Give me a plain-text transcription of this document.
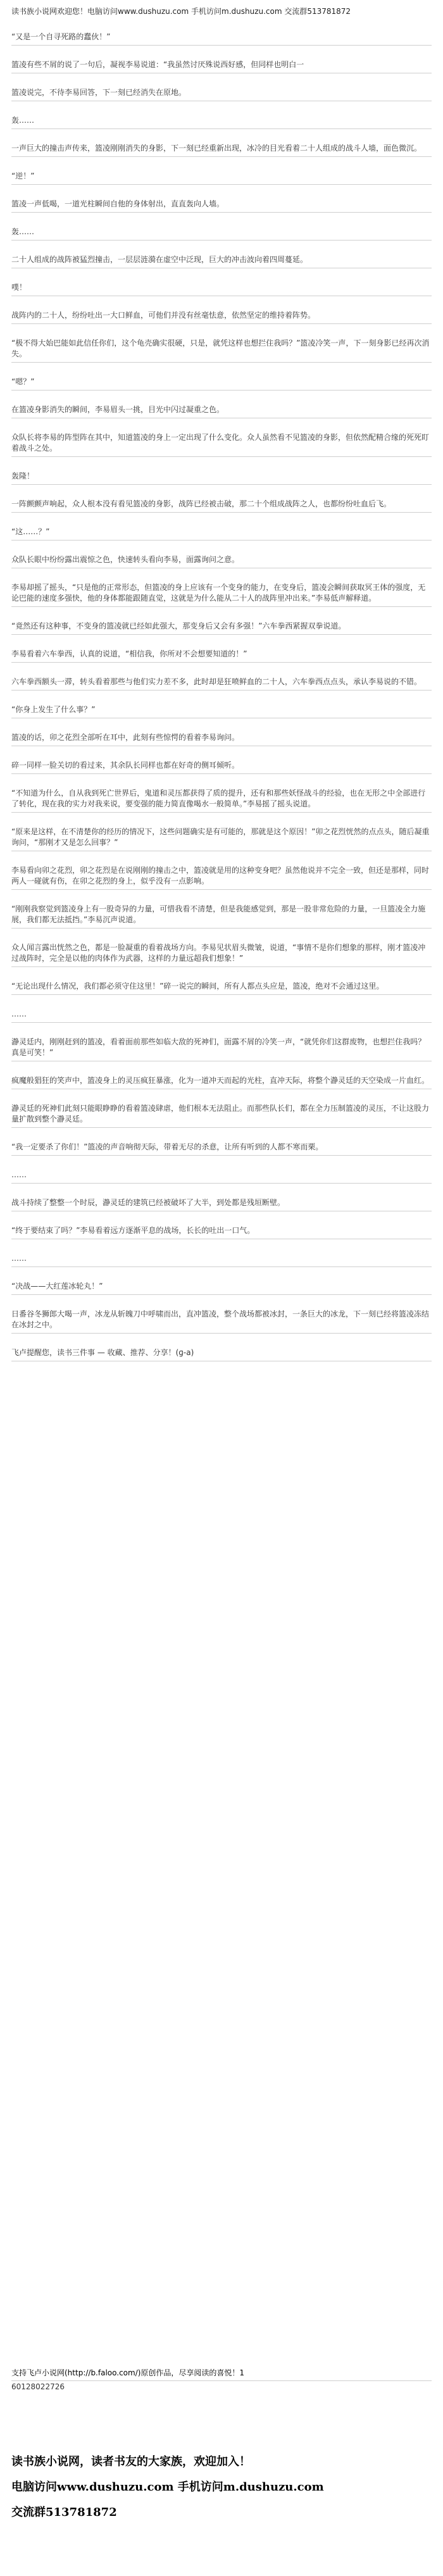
读书族小说网欢迎您！电脑访问www.dushuzu.com 手机访问m.dushuzu.com 交流群513781872

“又是一个自寻死路的蠢伙！”

篮凌有些不屑的说了一句后，凝视李易说道：“我虽然讨厌殊说西好感，但同样也明白一

篮凌说完，不待李易回答，下一刻已经消失在原地。

轰……

一声巨大的撞击声传来，篮凌刚刚消失的身影，下一刻已经重新出现，冰冷的目光看着二十人组成的战斗人墙，面色微沉。

“逆！”

篮凌一声低喝，一道光柱瞬间自他的身体射出，直直轰向人墙。

轰……

二十人组成的战阵被猛烈撞击，一层层涟漪在虚空中泛现，巨大的冲击波向着四周蔓延。

噗！

战阵内的二十人，纷纷吐出一大口鲜血，可他们并没有丝毫怯意，依然坚定的维持着阵势。

“极不得大始巴能如此信任你们，这个龟壳确实很硬，只是，就凭这样也想拦住我吗？”篮凌冷笑一声，下一刻身影已经再次消失。

“嗯？”

在篮凌身影消失的瞬间，李易眉头一挑，目光中闪过凝重之色。

众队长将李易的阵型阵在其中，知道篮凌的身上一定出现了什么变化。众人虽然看不见篮凌的身影，但依然配精合缘的死死盯着战斗之处。

轰隆！

一阵颤颤声响起，众人根本没有看见篮凌的身影，战阵已经被击破，那二十个组成战阵之人，也都纷纷吐血后飞。

“这……？”

众队长眼中纷纷露出震惊之色，快速转头看向李易，面露询问之意。

李易却摇了摇头，“只是他的正常形态，但篮凌的身上应该有一个变身的能力，在变身后，篮凌会瞬间获取冥王体的强度，无论巴能的速度多强快，他的身体都能跟随直觉，这就是为什么能从二十人的战阵里冲出来。”李易低声解释道。

“竟然还有这种事，不变身的篮凌就已经如此强大，那变身后又会有多强！”六车拳西紧握双拳说道。

李易看着六车拳西，认真的说道，“相信我，你所对不会想要知道的！”

六车拳西额头一滞，转头看着那些与他们实力差不多，此时却是狂喷鲜血的二十人，六车拳西点点头，承认李易说的不错。

“你身上发生了什么事？”

篮凌的话，卯之花烈全部听在耳中，此刻有些惊愕的看着李易询问。

碎一同样一脸关切的看过来，其余队长同样也都在好奇的侧耳倾听。

“不知道为什么，自从我到死亡世界后，鬼道和灵压都获得了质的提升，还有和那些妖怪战斗的经验，也在无形之中全部进行了转化，现在我的实力对我来说，要变强的能力简直像喝水一般简单。”李易摇了摇头说道。

“原来是这样，在不清楚你的经历的情况下，这些问题确实是有可能的，那就是这个原因！”卯之花烈恍然的点点头，随后凝重询问，“那刚才又是怎么回事？”

李易看向卯之花烈，卯之花烈是在说刚刚的撞击之中，篮凌就是用的这种变身吧？虽然他说并不完全一致，但还是那样，同时两人一碰就有伤，在卯之花烈的身上，似乎没有一点影响。

“刚刚我察觉到篮凌身上有一股奇异的力量，可惜我看不清楚，但是我能感觉到，那是一股非常危险的力量，一旦篮凌全力施展，我们都无法抵挡。”李易沉声说道。

众人闻言露出恍然之色，都是一脸凝重的看着战场方向。李易见状眉头微皱，说道，“事情不是你们想象的那样，刚才篮凌冲过战阵时，完全是以他的肉体作为武器，这样的力量远超我们想象！”

“无论出现什么情况，我们都必须守住这里！”碎一说完的瞬间，所有人都点头应是，篮凌，绝对不会通过这里。

……

瀞灵廷内，刚刚赶到的篮凌，看着面前那些如临大敌的死神们，面露不屑的冷笑一声，“就凭你们这群废物，也想拦住我吗？真是可笑！”

疯魔般猖狂的笑声中，篮凌身上的灵压疯狂暴涨，化为一道冲天而起的光柱，直冲天际，将整个瀞灵廷的天空染成一片血红。

瀞灵廷的死神们此刻只能眼睁睁的看着篮凌肆虐，他们根本无法阻止。而那些队长们，都在全力压制篮凌的灵压，不让这股力量扩散到整个瀞灵廷。

“我一定要杀了你们！”篮凌的声音响彻天际，带着无尽的杀意，让所有听到的人都不寒而栗。

……

战斗持续了整整一个时辰，瀞灵廷的建筑已经被破坏了大半，到处都是残垣断壁。

“终于要结束了吗？”李易看着远方逐渐平息的战场，长长的吐出一口气。

……

“决战——大红莲冰轮丸！”

日番谷冬狮郎大喝一声，冰龙从斩魄刀中呼啸而出，直冲篮凌，整个战场都被冰封，一条巨大的冰龙，下一刻已经将篮凌冻结在冰封之中。

飞卢提醒您，读书三件事 — 收藏、推荐、分享！(ɡ-a)

支持飞卢小说网(http://b.faloo.com/)原创作品，尽享阅读的喜悦！1

60128022726

读书族小说网，读者书友的大家族，欢迎加入！

电脑访问www.dushuzu.com 手机访问m.dushuzu.com

交流群513781872
